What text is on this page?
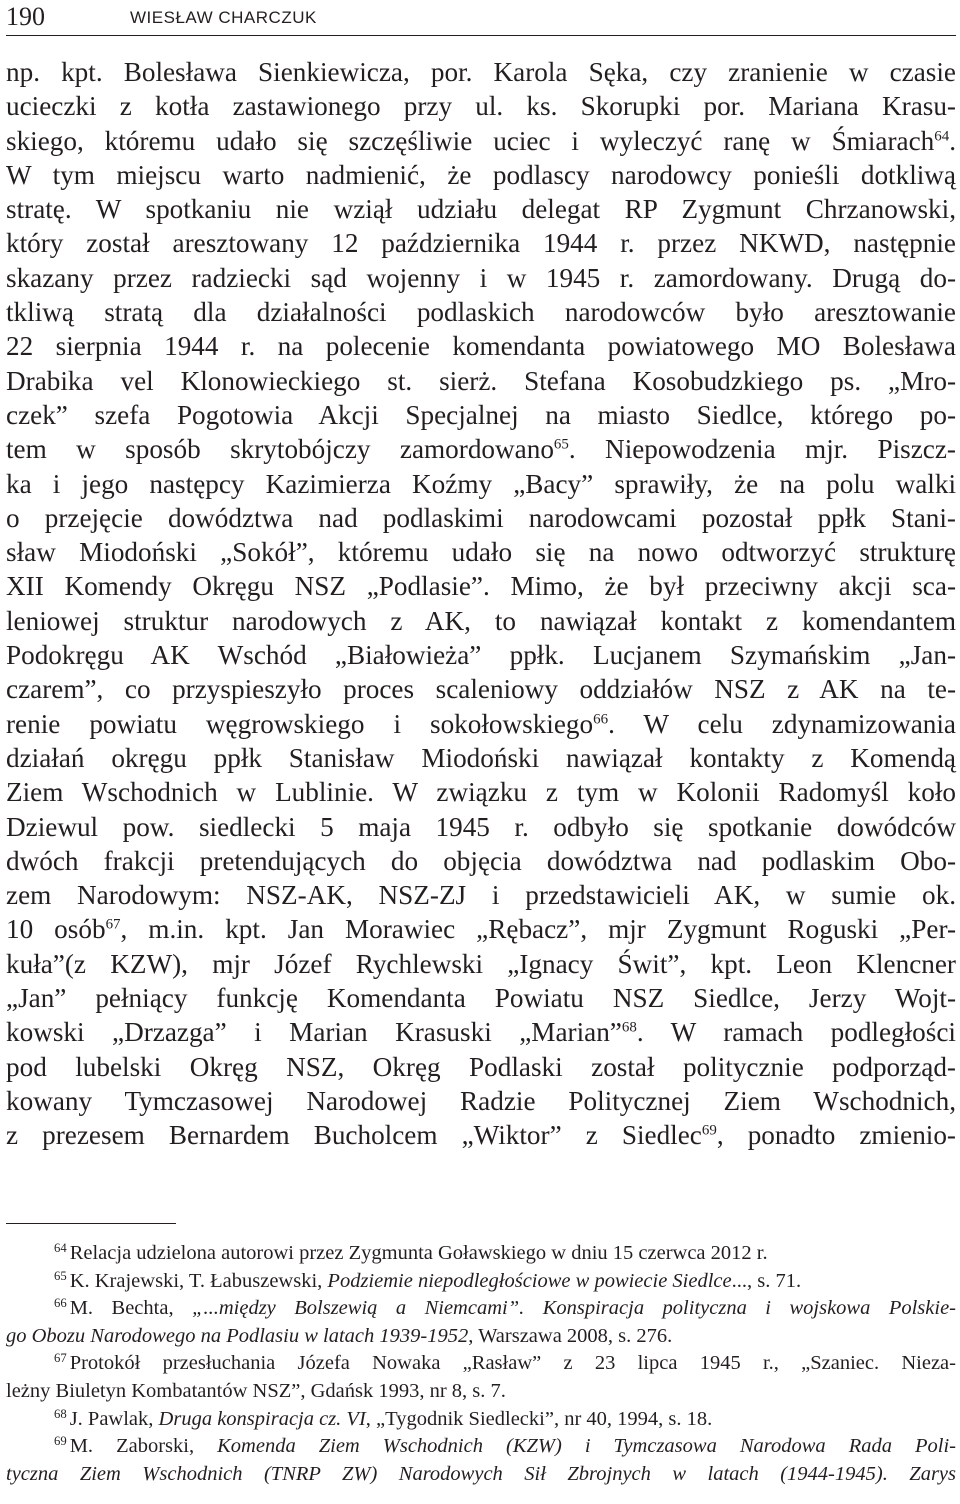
190	WIESŁAW CHARCZUK
np. kpt. Bolesława Sienkiewicza, por. Karola Sęka, czy zranienie w czasie
ucieczki z kotła zastawionego przy ul. ks. Skorupki por. Mariana Krasu-
skiego, któremu udało się szczęśliwie uciec i wyleczyć ranę w Śmiarach$^{64}$.
W tym miejscu warto nadmienić, że podlascy narodowcy ponieśli dotkliwą
stratę. W spotkaniu nie wziął udziału delegat RP Zygmunt Chrzanowski,
który został aresztowany 12 października 1944 r. przez NKWD, następnie
skazany przez radziecki sąd wojenny i w 1945 r. zamordowany. Drugą do-
tkliwą stratą dla działalności podlaskich narodowców było aresztowanie
22 sierpnia 1944 r. na polecenie komendanta powiatowego MO Bolesława
Drabika vel Klonowieckiego st. sierż. Stefana Kosobudzkiego ps. „Mro-
czek” szefa Pogotowia Akcji Specjalnej na miasto Siedlce, którego po-
tem w sposób skrytobójczy zamordowano$^{65}$. Niepowodzenia mjr. Piszcz-
ka i jego następcy Kazimierza Koźmy „Bacy” sprawiły, że na polu walki
o przejęcie dowództwa nad podlaskimi narodowcami pozostał ppłk Stani-
sław Miodoński „Sokół”, któremu udało się na nowo odtworzyć strukturę
XII Komendy Okręgu NSZ „Podlasie”. Mimo, że był przeciwny akcji sca-
leniowej struktur narodowych z AK, to nawiązał kontakt z komendantem
Podokręgu AK Wschód „Białowieża” ppłk. Lucjanem Szymańskim „Jan-
czarem”, co przyspieszyło proces scaleniowy oddziałów NSZ z AK na te-
renie powiatu węgrowskiego i sokołowskiego$^{66}$. W celu zdynamizowania
działań okręgu ppłk Stanisław Miodoński nawiązał kontakty z Komendą
Ziem Wschodnich w Lublinie. W związku z tym w Kolonii Radomyśl koło
Dziewul pow. siedlecki 5 maja 1945 r. odbyło się spotkanie dowódców
dwóch frakcji pretendujących do objęcia dowództwa nad podlaskim Obo-
zem Narodowym: NSZ-AK, NSZ-ZJ i przedstawicieli AK, w sumie ok.
10 osób$^{67}$, m.in. kpt. Jan Morawiec „Rębacz”, mjr Zygmunt Roguski „Per-
kuła”(z KZW), mjr Józef Rychlewski „Ignacy Świt”, kpt. Leon Klencner
„Jan” pełniący funkcję Komendanta Powiatu NSZ Siedlce, Jerzy Wojt-
kowski „Drzazga” i Marian Krasuski „Marian”$^{68}$. W ramach podległości
pod lubelski Okręg NSZ, Okręg Podlaski został politycznie podporząd-
kowany Tymczasowej Narodowej Radzie Politycznej Ziem Wschodnich,
z prezesem Bernardem Bucholcem „Wiktor” z Siedlec$^{69}$, ponadto zmienio-
$^{64}$ Relacja udzielona autorowi przez Zygmunta Goławskiego w dniu 15 czerwca 2012 r.
$^{65}$ K. Krajewski, T. Łabuszewski, Podziemie niepodległościowe w powiecie Siedlce..., s. 71.
$^{66}$ M. Bechta, „...między Bolszewią a Niemcami”. Konspiracja polityczna i wojskowa Polskie-
go Obozu Narodowego na Podlasiu w latach 1939-1952, Warszawa 2008, s. 276.
$^{67}$ Protokół przesłuchania Józefa Nowaka „Rasław” z 23 lipca 1945 r., „Szaniec. Nieza-
leżny Biuletyn Kombatantów NSZ”, Gdańsk 1993, nr 8, s. 7.
$^{68}$ J. Pawlak, Druga konspiracja cz. VI, „Tygodnik Siedlecki”, nr 40, 1994, s. 18.
$^{69}$ M. Zaborski, Komenda Ziem Wschodnich (KZW) i Tymczasowa Narodowa Rada Poli-
tyczna Ziem Wschodnich (TNRP ZW) Narodowych Sił Zbrojnych w latach (1944-1945). Zarys
